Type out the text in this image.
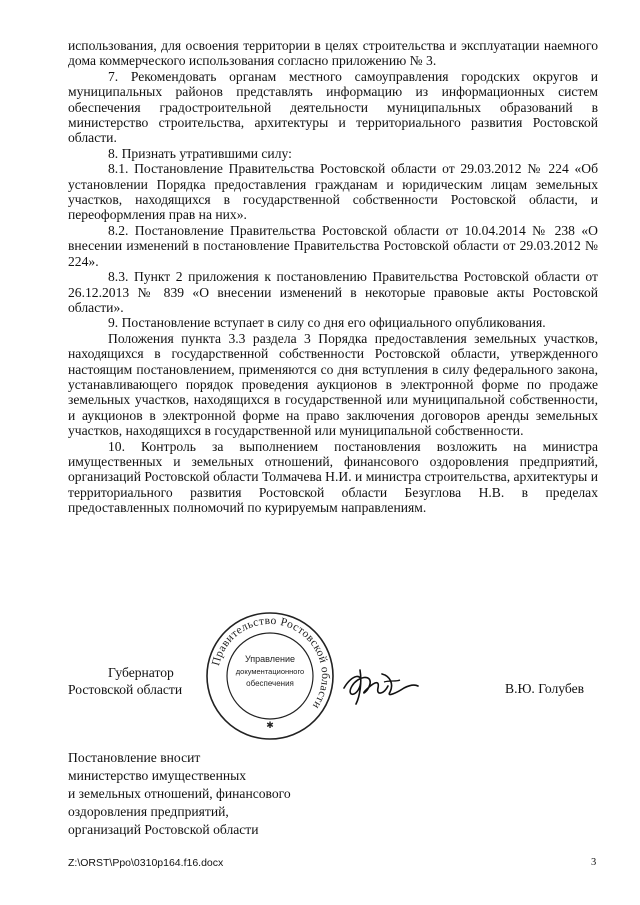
использования, для освоения территории в целях строительства и эксплуатации наемного дома коммерческого использования согласно приложению № 3.

7. Рекомендовать органам местного самоуправления городских округов и муниципальных районов представлять информацию из информационных систем обеспечения градостроительной деятельности муниципальных образований в министерство строительства, архитектуры и территориального развития Ростовской области.

8. Признать утратившими силу:

8.1. Постановление Правительства Ростовской области от 29.03.2012 № 224 «Об установлении Порядка предоставления гражданам и юридическим лицам земельных участков, находящихся в государственной собственности Ростовской области, и переоформления прав на них».

8.2. Постановление Правительства Ростовской области от 10.04.2014 № 238 «О внесении изменений в постановление Правительства Ростовской области от 29.03.2012 № 224».

8.3. Пункт 2 приложения к постановлению Правительства Ростовской области от 26.12.2013 № 839 «О внесении изменений в некоторые правовые акты Ростовской области».

9. Постановление вступает в силу со дня его официального опубликования.

Положения пункта 3.3 раздела 3 Порядка предоставления земельных участков, находящихся в государственной собственности Ростовской области, утвержденного настоящим постановлением, применяются со дня вступления в силу федерального закона, устанавливающего порядок проведения аукционов в электронной форме по продаже земельных участков, находящихся в государственной или муниципальной собственности, и аукционов в электронной форме на право заключения договоров аренды земельных участков, находящихся в государственной или муниципальной собственности.

10. Контроль за выполнением постановления возложить на министра имущественных и земельных отношений, финансового оздоровления предприятий, организаций Ростовской области Толмачева Н.И. и министра строительства, архитектуры и территориального развития Ростовской области Безуглова Н.В. в пределах предоставленных полномочий по курируемым направлениям.

Губернатор
Ростовской области
Правительство Ростовской области
Управление
документационного
обеспечения
✱
В.Ю. Голубев
Постановление вносит
министерство имущественных
и земельных отношений, финансового
оздоровления предприятий,
организаций Ростовской области
Z:\ORST\Ppo\0310p164.f16.docx	3
